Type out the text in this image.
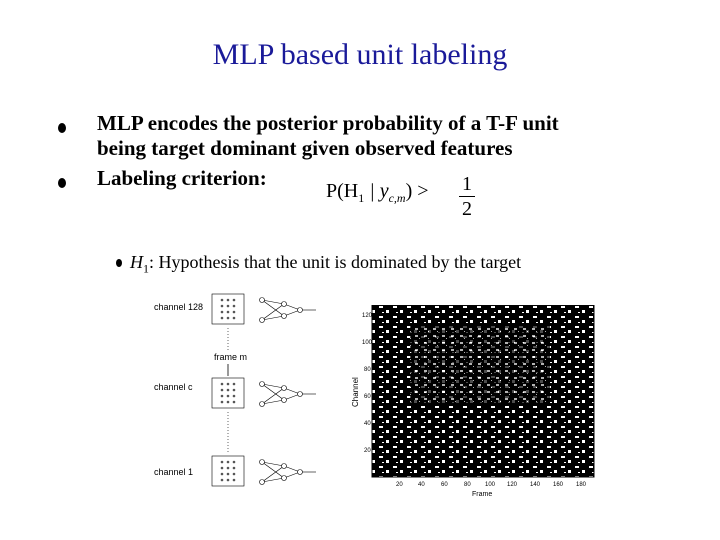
MLP based unit labeling
MLP encodes the posterior probability of a T-F unit
being target dominant given observed features
Labeling criterion:
$P(H_1$ | $y_{c,m}) > 1$
2
$H_1$: Hypothesis that the unit is dominated by the target
channel 128
frame m
channel c
channel 1
Channel
120
100
80
60
40
20
20	40	60	80 100 120 140 160 180
Frame
